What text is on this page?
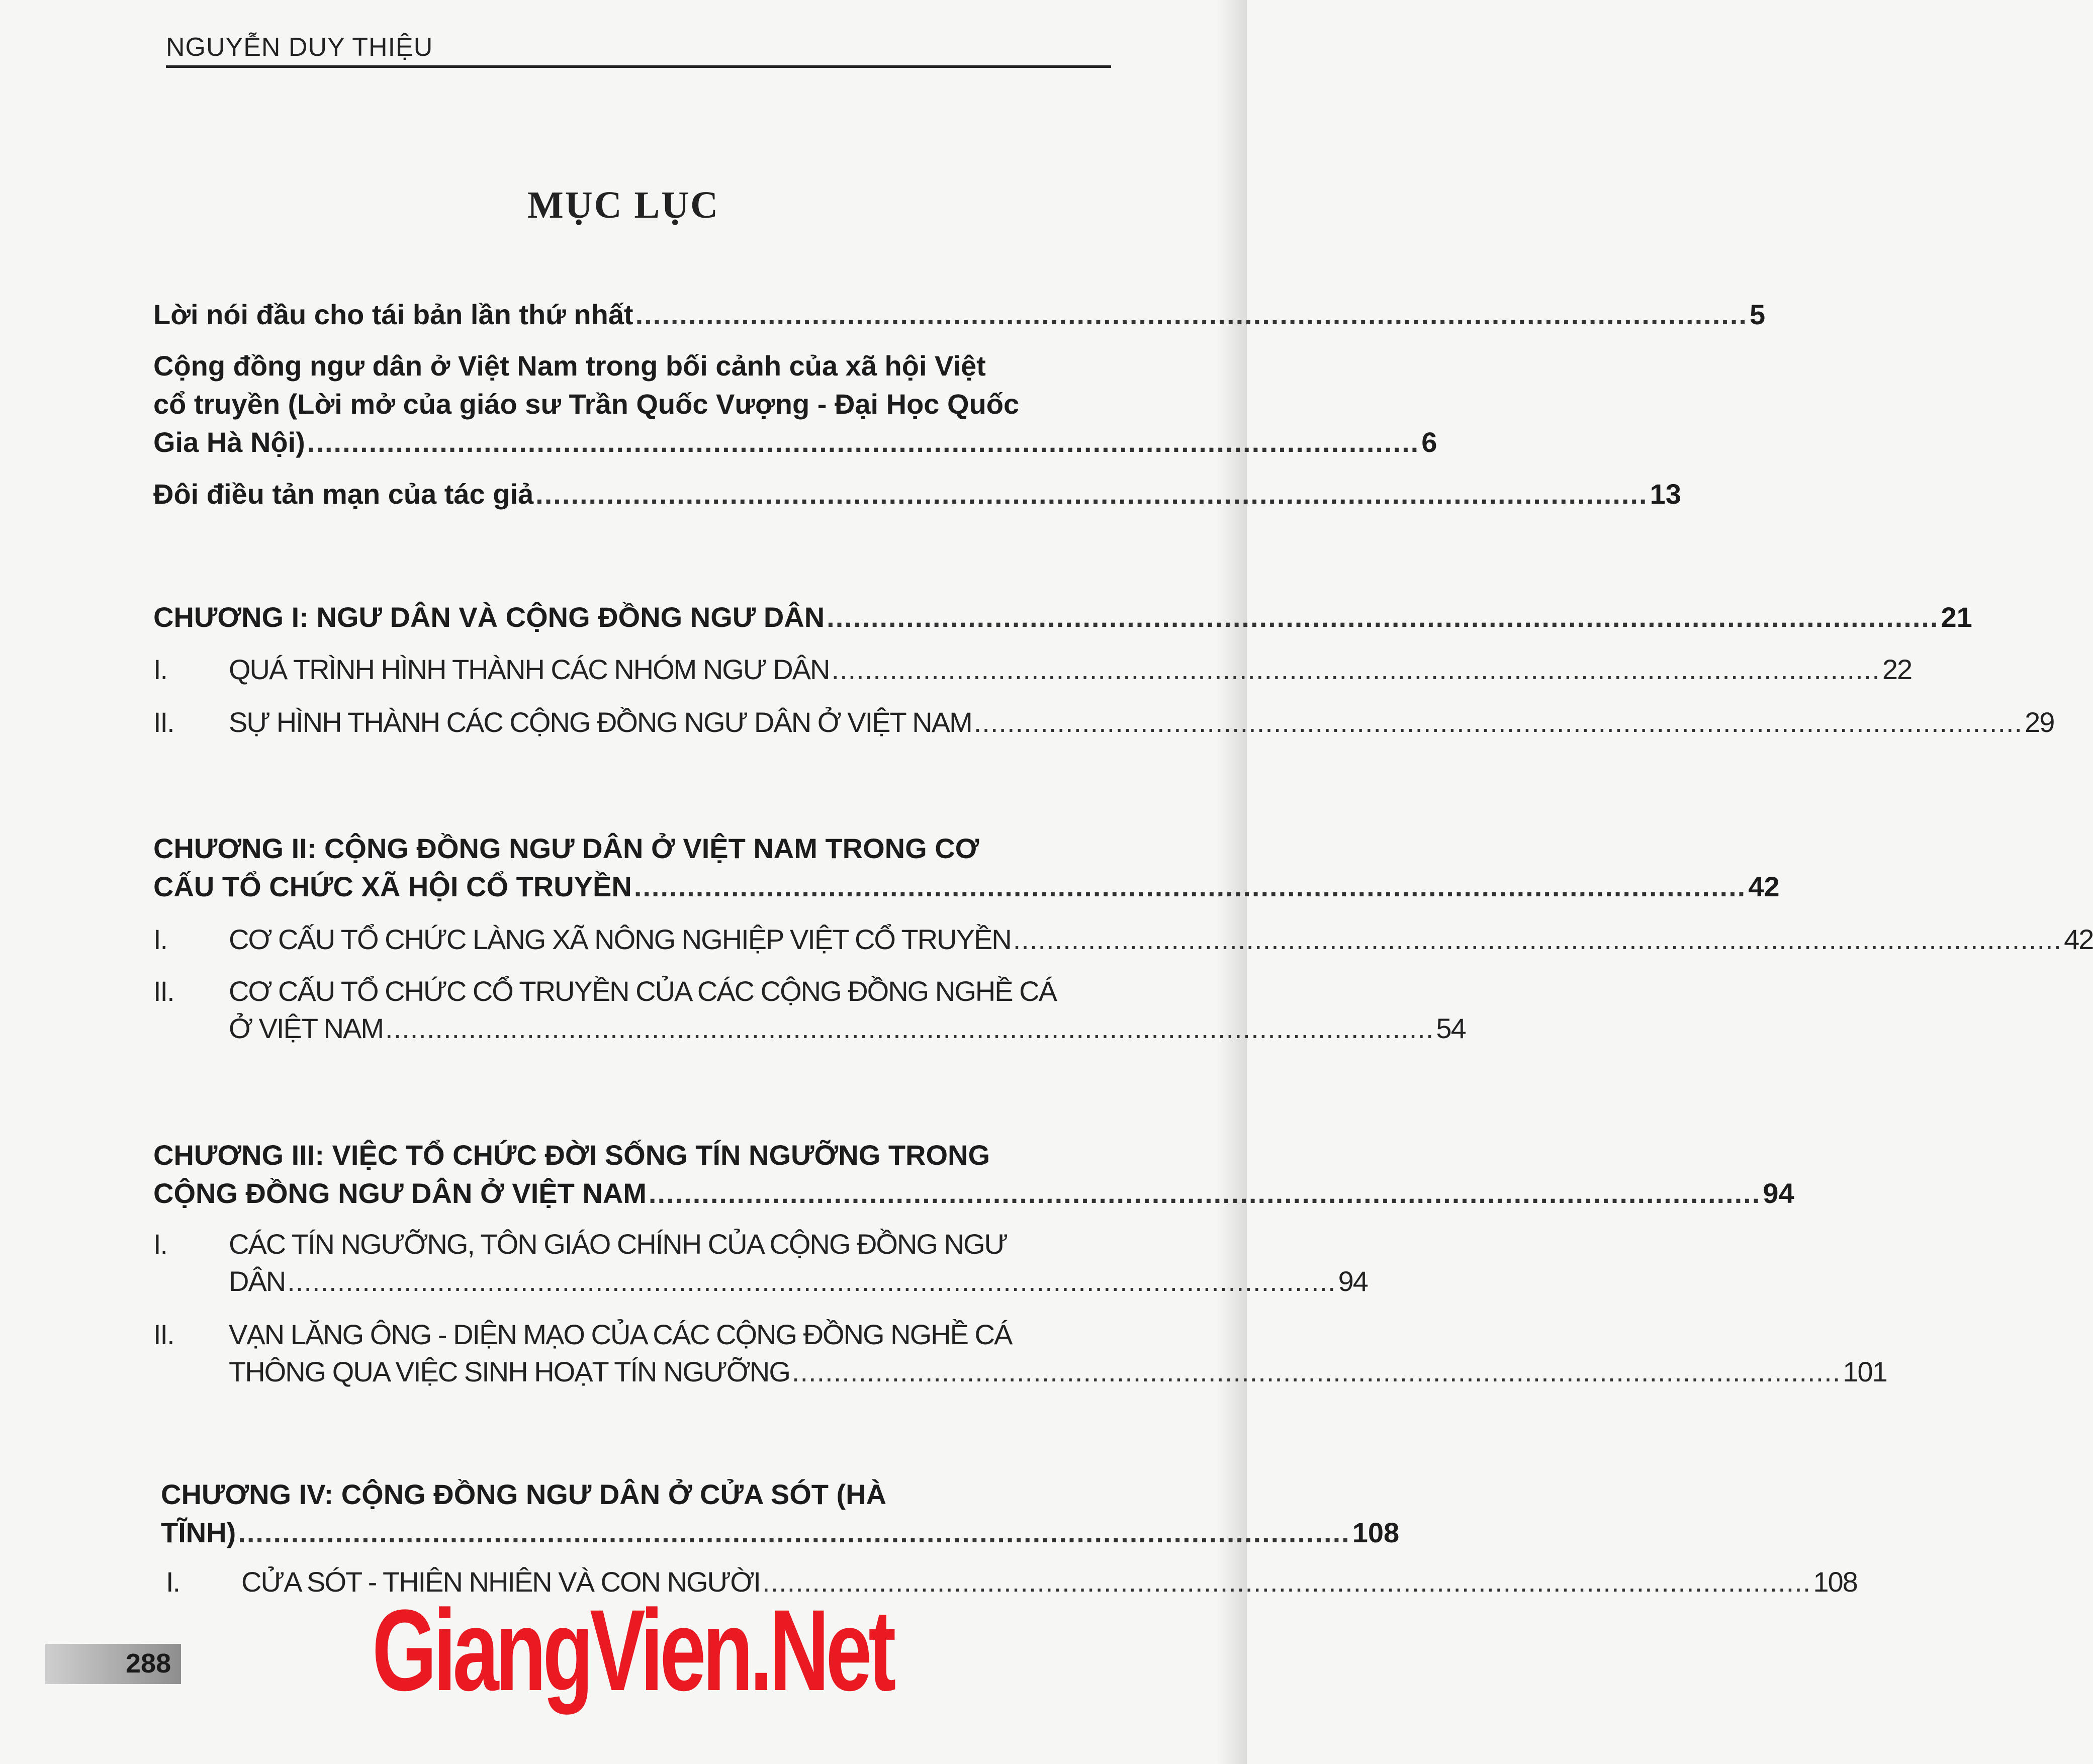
NGUYỄN DUY THIỆU
MỤC LỤC
Lời nói đầu cho tái bản lần thứ nhất .............................................................................................................................. 5
Cộng đồng ngư dân ở Việt Nam trong bối cảnh của xã hội Việt
cổ truyền (Lời mở của giáo sư Trần Quốc Vượng - Đại Học Quốc
Gia Hà Nội) .............................................................................................................................. 6
Đôi điều tản mạn của tác giả .............................................................................................................................. 13
CHƯƠNG I: NGƯ DÂN VÀ CỘNG ĐỒNG NGƯ DÂN .............................................................................................................................. 21
I. QUÁ TRÌNH HÌNH THÀNH CÁC NHÓM NGƯ DÂN .............................................................................................................................. 22
II. SỰ HÌNH THÀNH CÁC CỘNG ĐỒNG NGƯ DÂN Ở VIỆT NAM .............................................................................................................................. 29
CHƯƠNG II: CỘNG ĐỒNG NGƯ DÂN Ở VIỆT NAM TRONG CƠ
CẤU TỔ CHỨC XÃ HỘI CỔ TRUYỀN .............................................................................................................................. 42
I. CƠ CẤU TỔ CHỨC LÀNG XÃ NÔNG NGHIỆP VIỆT CỔ TRUYỀN .............................................................................................................................. 42
II. CƠ CẤU TỔ CHỨC CỔ TRUYỀN CỦA CÁC CỘNG ĐỒNG NGHỀ CÁ
Ở VIỆT NAM .............................................................................................................................. 54
CHƯƠNG III: VIỆC TỔ CHỨC ĐỜI SỐNG TÍN NGƯỠNG TRONG
CỘNG ĐỒNG NGƯ DÂN Ở VIỆT NAM .............................................................................................................................. 94
I. CÁC TÍN NGƯỠNG, TÔN GIÁO CHÍNH CỦA CỘNG ĐỒNG NGƯ
DÂN .............................................................................................................................. 94
II. VẠN LĂNG ÔNG - DIỆN MẠO CỦA CÁC CỘNG ĐỒNG NGHỀ CÁ
THÔNG QUA VIỆC SINH HOẠT TÍN NGƯỠNG .............................................................................................................................. 101
CHƯƠNG IV: CỘNG ĐỒNG NGƯ DÂN Ở CỬA SÓT (HÀ
TĨNH) .............................................................................................................................. 108
I. CỬA SÓT - THIÊN NHIÊN VÀ CON NGƯỜI .............................................................................................................................. 108
288 GiangVien.Net
